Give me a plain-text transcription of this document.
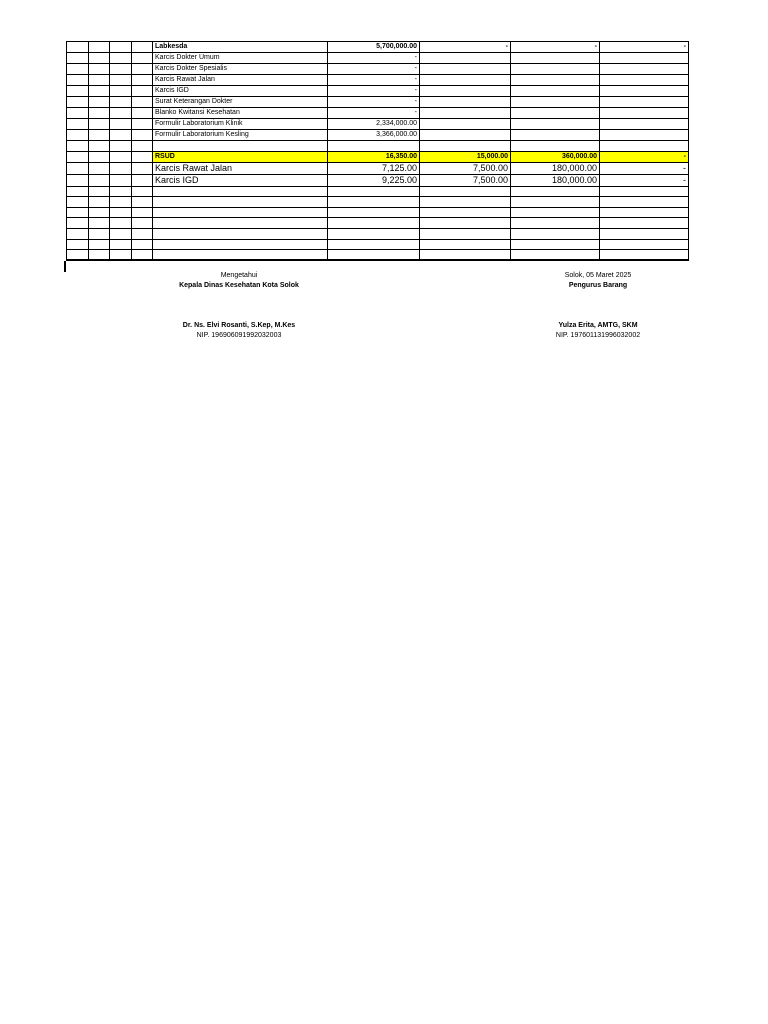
				Labkesda	5,700,000.00	-	-	-
				Karcis Dokter Umum	-			
				Karcis Dokter Spesialis	-			
				Karcis Rawat Jalan	-			
				Karcis IGD	-			
				Surat Keterangan Dokter	-			
				Blanko Kwitansi Kesehatan	-			
				Formulir Laboratorium Klinik	2,334,000.00			
				Formulir Laboratorium Kesling	3,366,000.00			

				RSUD	16,350.00	15,000.00	360,000.00	-
				Karcis Rawat Jalan	7,125.00	7,500.00	180,000.00	-
				Karcis IGD	9,225.00	7,500.00	180,000.00	-

Mengetahui
Kepala Dinas Kesehatan Kota Solok
Dr. Ns. Elvi Rosanti, S.Kep, M.Kes
NIP. 196906091992032003
Solok, 05 Maret 2025
Pengurus Barang
Yulza Erita, AMTG, SKM
NIP. 197601131996032002
